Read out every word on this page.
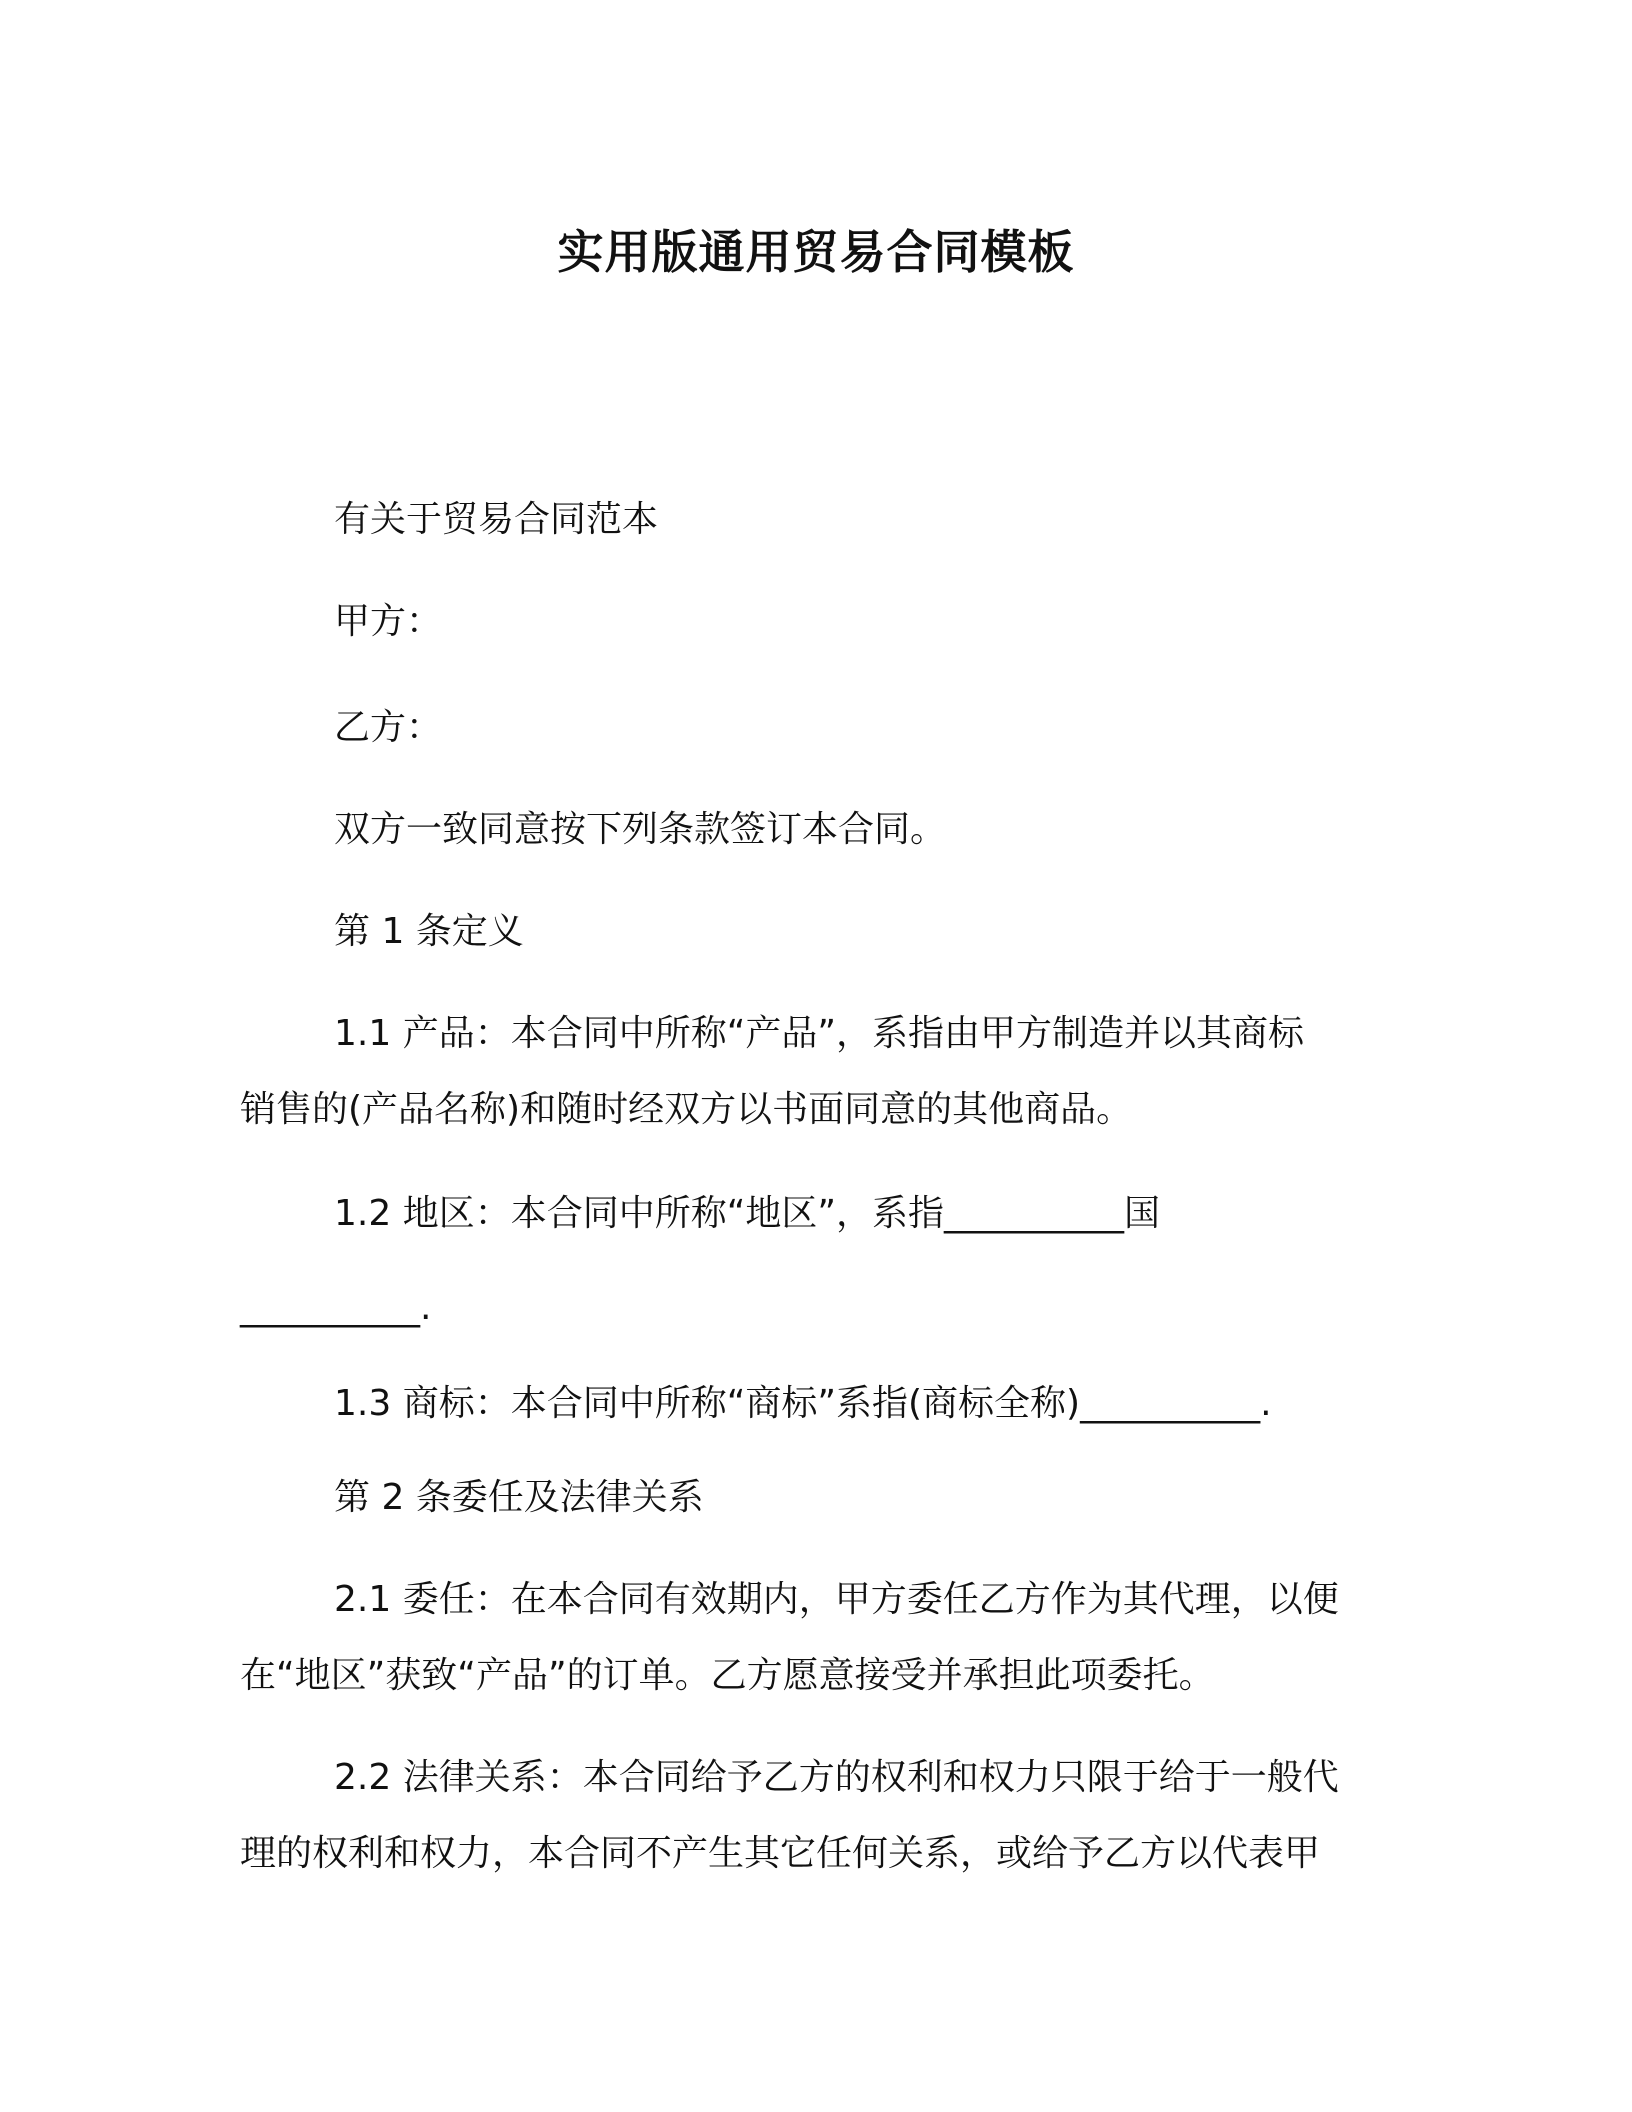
实用版通用贸易合同模板
有关于贸易合同范本
甲方：
乙方：
双方一致同意按下列条款签订本合同。
第 1 条定义
1.1 产品：本合同中所称“产品”，系指由甲方制造并以其商标
销售的(产品名称)和随时经双方以书面同意的其他商品。
1.2 地区：本合同中所称“地区”，系指__________国
__________.
1.3 商标：本合同中所称“商标”系指(商标全称)__________.
第 2 条委任及法律关系
2.1 委任：在本合同有效期内，甲方委任乙方作为其代理，以便
在“地区”获致“产品”的订单。乙方愿意接受并承担此项委托。
2.2 法律关系：本合同给予乙方的权利和权力只限于给于一般代
理的权利和权力，本合同不产生其它任何关系，或给予乙方以代表甲
